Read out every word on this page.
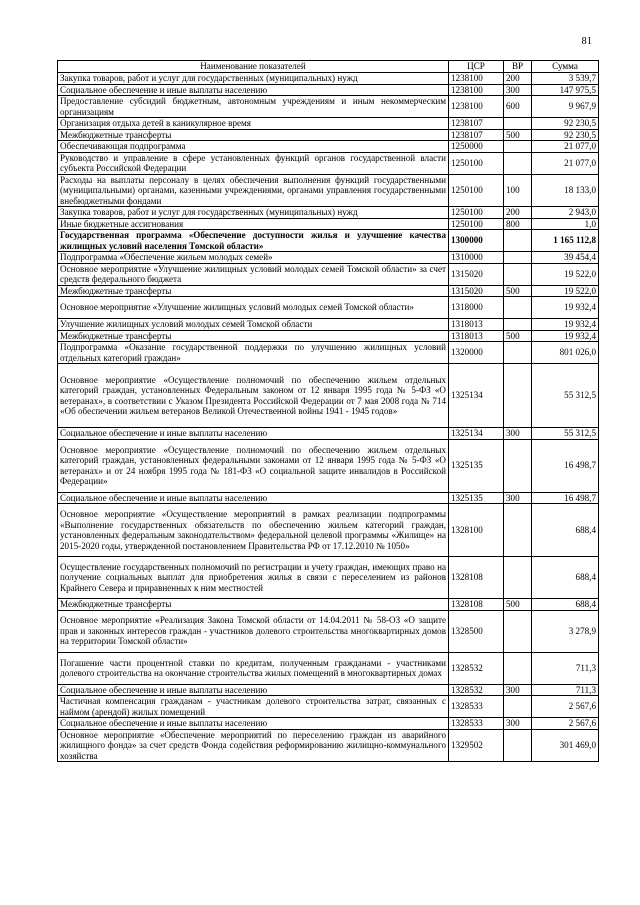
81
Наименование показателей	ЦСР	ВР	Сумма
Закупка товаров, работ и услуг для государственных (муниципальных) нужд	1238100	200	3 539,7
Социальное обеспечение и иные выплаты населению	1238100	300	147 975,5
Предоставление субсидий бюджетным, автономным учреждениям и иным некоммерческим организациям	1238100	600	9 967,9
Организация отдыха детей в каникулярное время	1238107		92 230,5
Межбюджетные трансферты	1238107	500	92 230,5
Обеспечивающая подпрограмма	1250000		21 077,0
Руководство и управление в сфере установленных функций органов государственной власти субъекта Российской Федерации	1250100		21 077,0
Расходы на выплаты персоналу в целях обеспечения выполнения функций государственными (муниципальными) органами, казенными учреждениями, органами управления государственными внебюджетными фондами	1250100	100	18 133,0
Закупка товаров, работ и услуг для государственных (муниципальных) нужд	1250100	200	2 943,0
Иные бюджетные ассигнования	1250100	800	1,0
Государственная программа «Обеспечение доступности жилья и улучшение качества жилищных условий населения Томской области»	1300000		1 165 112,8
Подпрограмма «Обеспечение жильем молодых семей»	1310000		39 454,4
Основное мероприятие «Улучшение жилищных условий молодых семей Томской области» за счет средств федерального бюджета	1315020		19 522,0
Межбюджетные трансферты	1315020	500	19 522,0
Основное мероприятие «Улучшение жилищных условий молодых семей Томской области»	1318000		19 932,4
Улучшение жилищных условий молодых семей Томской области	1318013		19 932,4
Межбюджетные трансферты	1318013	500	19 932,4
Подпрограмма «Оказание государственной поддержки по улучшению жилищных условий отдельных категорий граждан»	1320000		801 026,0
Основное мероприятие «Осуществление полномочий по обеспечению жильем отдельных категорий граждан, установленных Федеральным законом от 12 января 1995 года № 5-ФЗ «О ветеранах», в соответствии с Указом Президента Российской Федерации от 7 мая 2008 года № 714 «Об обеспечении жильем ветеранов Великой Отечественной войны 1941 - 1945 годов»	1325134		55 312,5
Социальное обеспечение и иные выплаты населению	1325134	300	55 312,5
Основное мероприятие «Осуществление полномочий по обеспечению жильем отдельных категорий граждан, установленных федеральными законами от 12 января 1995 года № 5-ФЗ «О ветеранах» и от 24 ноября 1995 года № 181-ФЗ «О социальной защите инвалидов в Российской Федерации»	1325135		16 498,7
Социальное обеспечение и иные выплаты населению	1325135	300	16 498,7
Основное мероприятие «Осуществление мероприятий в рамках реализации подпрограммы «Выполнение государственных обязательств по обеспечению жильем категорий граждан, установленных федеральным законодательством» федеральной целевой программы «Жилище» на 2015-2020 годы, утвержденной постановлением Правительства РФ от 17.12.2010 № 1050»	1328100		688,4
Осуществление государственных полномочий по регистрации и учету граждан, имеющих право на получение социальных выплат для приобретения жилья в связи с переселением из районов Крайнего Севера и приравненных к ним местностей	1328108		688,4
Межбюджетные трансферты	1328108	500	688,4
Основное мероприятие «Реализация Закона Томской области от 14.04.2011 № 58-ОЗ «О защите прав и законных интересов граждан - участников долевого строительства многоквартирных домов на территории Томской области»	1328500		3 278,9
Погашение части процентной ставки по кредитам, полученным гражданами - участниками долевого строительства на окончание строительства жилых помещений в многоквартирных домах	1328532		711,3
Социальное обеспечение и иные выплаты населению	1328532	300	711,3
Частичная компенсация гражданам - участникам долевого строительства затрат, связанных с наймом (арендой) жилых помещений	1328533		2 567,6
Социальное обеспечение и иные выплаты населению	1328533	300	2 567,6
Основное мероприятие «Обеспечение мероприятий по переселению граждан из аварийного жилищного фонда» за счет средств Фонда содействия реформированию жилищно-коммунального хозяйства	1329502		301 469,0
